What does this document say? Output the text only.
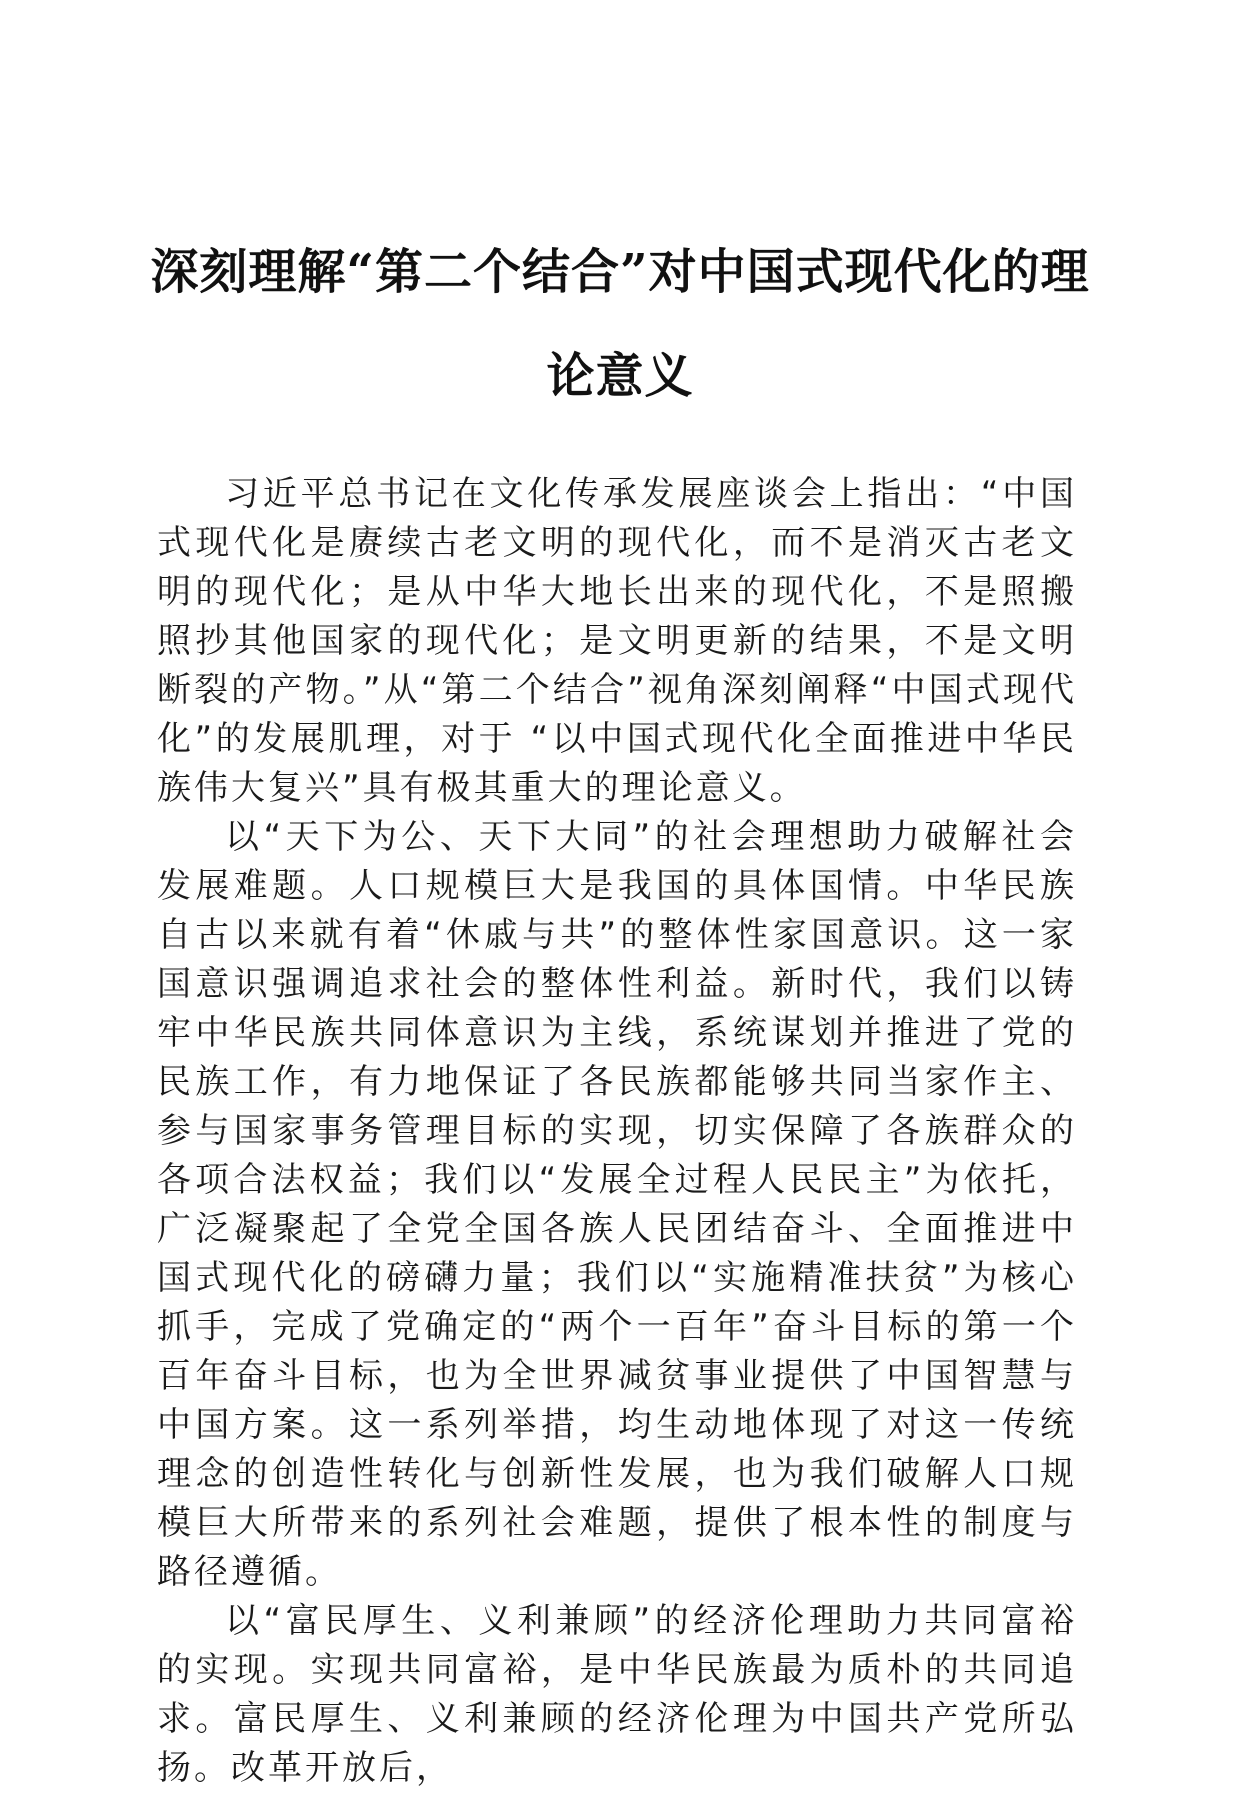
深刻理解“第二个结合”对中国式现代化的理论意义

习近平总书记在文化传承发展座谈会上指出：“中国式现代化是赓续古老文明的现代化，而不是消灭古老文明的现代化；是从中华大地长出来的现代化，不是照搬照抄其他国家的现代化；是文明更新的结果，不是文明断裂的产物。”从“第二个结合”视角深刻阐释“中国式现代化”的发展肌理，对于 “以中国式现代化全面推进中华民族伟大复兴”具有极其重大的理论意义。

以“天下为公、天下大同”的社会理想助力破解社会发展难题。人口规模巨大是我国的具体国情。中华民族自古以来就有着“休戚与共”的整体性家国意识。这一家国意识强调追求社会的整体性利益。新时代，我们以铸牢中华民族共同体意识为主线，系统谋划并推进了党的民族工作，有力地保证了各民族都能够共同当家作主、参与国家事务管理目标的实现，切实保障了各族群众的各项合法权益；我们以“发展全过程人民民主”为依托，广泛凝聚起了全党全国各族人民团结奋斗、全面推进中国式现代化的磅礴力量；我们以“实施精准扶贫”为核心抓手，完成了党确定的“两个一百年”奋斗目标的第一个百年奋斗目标，也为全世界减贫事业提供了中国智慧与中国方案。这一系列举措，均生动地体现了对这一传统理念的创造性转化与创新性发展，也为我们破解人口规模巨大所带来的系列社会难题，提供了根本性的制度与路径遵循。

以“富民厚生、义利兼顾”的经济伦理助力共同富裕的实现。实现共同富裕，是中华民族最为质朴的共同追求。富民厚生、义利兼顾的经济伦理为中国共产党所弘扬。改革开放后，
